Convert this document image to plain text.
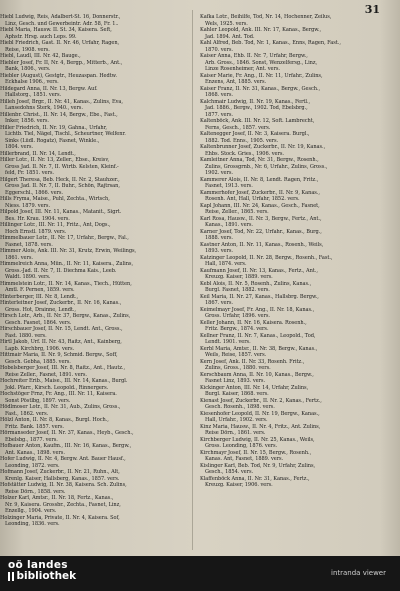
31
Hiebl Ludwig, Reis, Adalbert-St. 16, Donnerstr.,
Linz, Gesch. und Gewerbeintr. Adr. 58, Fr. 1..
Hiebl Maria, Hausw. II. St. 34, Kaisera. Seft,
Aphstr. Hrsg. auch Leps. 99.
Hiebl Friedrich, Gast. II. Nr. 46, Urfahr, Ragen,
Reise, 1908. vers.
Hiebl, Laudl, III. Nr. 42, Bauge.,
Hiebler Josef, Fr. II, Nr. 4, Bergp., Mitterb., Ant.,
Bank, 1806., vers.
Hiebler (August), Gestgtr., Heuzaspan. Hedtw.
Eckhalse 1906., vers.
Hildegard Anna, II. Nr. 13, Bergw. Auf.
Hallstorg., 1851. vers.
Hilleh Josef, Brgr., II. Nr. 41, Kanas., Zulins, Eva,
Lansedohns Sterk, 1940., vers.
Hillenbr. Christ., II. Nr. 14, Bergw., Ebe., Fast.,
Inker, 1856. vers.
Hiller Friedrich, II. Nr. 19, Gahna., Urfahr,
Lichtb. Tiel, Nägel, Tischl., Scheurtner, Welfenr.
Sinks (Lüdl. Rogatz), Fasnet, Winkle.,
1804. vers.
Hillerbrand, II. Nr. 14, Lendt.,
Hiller Lotr., II. Nr. 13, Zeller., Ebse., Kreisv,
Gross Jad. II. Nr. 7, II. Wirtb. Kelsten, Kleinf.-
feld, Fr. 1851. vers.
Hilgert Theresa, Beb. Heck, II. Nr. 2, Stauhzer.,
Gross Jad. II. Nr. 7, II. Buhr., Schön, Rajtrsan,
Eggerschl., 1866. vers.
Hills Fryma, Maise., Puhl, Zechta., Wirtsch,
Niess. 1879. vers.
Hilpold Josef, III. Nr. 11, Kanas., Matanit., Sigrt.
Bes. Hr. Krau. 1904. vers.
Hillinger Lotr., III. Nr. 11, Fritz., Ant, Dogs.,
Hoch Ernstl. 1879. vers.
Himmelbauer Lotr., II. Nr. 17, Urfahr., Bergw., Fal.,
Fasnet, 1878. vers.
Himmer Alois, Ank. III. Nr. 31, Krutz, Erwin, Weilings,
1861. vers.
Himmelreich Anna, Mün., II. Nr. 11, Kaisera., Zulins,
Gross.-Jad. II. Nr. 7, II. Diechma Kais., Leeb.
Waldt. 1890. vers.
Himmelstein Lotr., II. Nr. 14, Kanas., Tiech., Hütten,
Amtl. F. Pernen, 1859. vers.
Hinterberger, III. Nr. 8, Lendt.,
Hinterleitner Josef, Zuckerbr., II. Nr. 16, Kanas.,
Gross. Hot, Drainne, Lendt.,
Hirsch Lotr., Arb., II. Nr. 37, Bergw., Kanas., Zulins,
Gesch. Fasnet, 1864. vers.
Hirschbauer Josef, II. Nr. 15, Lendt. Ant., Gross.,
Fast. 1880. vers.
Hirtl Jakob, Urf. II. Nr. 43, Raitz, Ant., Kainberg,
Lapb. Kirchbrg, 1906. vers.
Hittmair Maria, II. Nr. 9, Schmid. Bergw., Soff,
Gesch. Gebha, 1885. vers.
Hobelsberger Josef, III. Nr. 8, Raitz., Ant., Hautz.,
Reise Zeller., Fasnet, 1891. vers.
Hochreiter Erib., Maise., III. Nr. 14, Kanas., Burgl.
Jokl. Pfarr., Kirsch. Leopold., Rinnergers.
Hochstöger Frnz, Fr. Ang., III. Nr. 11, Kaisera.
Sonst Pöstlbg, 1897. vers.
Hödlmoser Lotr., II. Nr. 31, Aub., Zulins, Gross.,
Fast., 1862. vers.
Hölzl Anton, II. Nr. 8, Kanas., Burgl. Hoch.,
Fritz. Bank. 1857. vers.
Hörmanseder Josef, II. Nr. 37, Kanas., Heyb., Gesch.,
Ebelsbg., 1877. vers.
Hofbauer Anton, Kaufm., III. Nr. 16, Kanas., Bergw.,
Ant. Kanas., 1898. vers.
Hofer Ludwig, II. Nr. 4, Bergw. Ant. Bauer Hausf.,
Leonding, 1872. vers.
Hofmann Josef, Zuckerbr., II. Nr. 21, Ruhn., Alt,
Krenlg. Kaiser, Hallsberg, Kanas., 1857. vers.
Hofstätter Ludwig, II. Nr. 38, Kaisera. Sch. Zulins,
Reise Dörn., 1858. vers.
Holzer Karl, Amtsr., II. Nr. 18, Fertz., Kanas.,
Nr. 9, Kaisera. Grossbr., Zechta., Fasnet, Linz,
Enzellg., 1904. vers.
Holzinger Maria, Private, II. Nr. 4, Kaisera. Sof,
Leonding, 1836. vers.
Kafka Lotr., Beihilfe, Tod, Nr. 14, Hochenner, Zeilus,
Wels, 1925. vers.
Kahler Leopold, Ank. III. Nr. 17, Kanas., Bergw.,
Jad. 1894. Ant. Tod.
Kahl Alfred, Beb. Tod, Nr. 1, Kanas., Enns, Ragen, Fast.,
1870. vers.
Kaiser Anna, Ehb. II. Nr. 7, Urfahr, Bergw.,
Arb. Gross., 1846. Sonst, Wenzelfersg., Linz,
Linze Rosenheimer, Ant. vers.
Kaiser Marie, Fr. Ang., II. Nr. 11, Urfahr., Zulins,
Enzens, Ant, 1885. vers.
Kaiser Franz, II. Nr. 31, Kanas., Bergw., Gesch.,
1868. vers.
Kalchmair Ludwig, II. Nr. 19, Kanas., Fertl.,
Jad. 1886., Bergw., 1902. Tod, Ebelsbrg.,
1877. vers.
Kaltenböck, Ank. III. Nr. 12, Soft. Lambrecht,
Ferns, Gesch., 1857. vers.
Kaltenegger Josef, II. Nr. 3, Kaisera. Burgl.,
1882. Tod. Enns., 1905. vers.
Kaltenbrunner Josef, Zuckerbr., II. Nr. 19, Kanas.,
Ehbs. Stock. Gries., 1906. vers.
Kamleitner Anna, Tod, Nr. 31, Bergw., Rosenh.,
Zulins, Grossgrnb., Nr. 6, Urfahr., Zulins, Gross.,
1902. vers.
Kammerer Alois, II. Nr. 8, Lendt. Ragen, Fritz.,
Fasnet, 1913. vers.
Kammerhofer Josef, Zuckerbr., II. Nr. 9, Kanas.,
Rosenh. Ant, Hall, Urfahr, 1852. vers.
Kapl Johann, III. Nr. 24, Kanas., Gesch., Fasnet,
Reise, Zeller., 1865. vers.
Karl Rosa, Hausw., II. Nr. 3, Bergw., Fertz., Ant.,
Kanas., 1891. vers.
Karner Josef, Tod, Nr. 22, Urfahr., Kanas., Burg.,
1888. vers.
Kastner Anton, II. Nr. 11, Kanas., Rosenh., Weils,
1893. vers.
Katzinger Leopold, II. Nr. 28, Bergw., Rosenh., Fast.,
Hall, 1874. vers.
Kaufmann Josef, II. Nr. 13, Kanas., Fertz., Ant.,
Kreuzg. Kaiser, 1889. vers.
Kebl Alois, II. Nr. 5, Rosenh., Zulins, Kanas.,
Burgl. Fasnet, 1882. vers.
Keil Maria, II. Nr. 27, Kanas., Hallsbrg. Bergw.,
1867. vers.
Keimelmayr Josef, Fr. Ang., II. Nr. 18, Kanas.,
Gross. Urfahr, 1896. vers.
Keller Johann, II. Nr. 16, Kaisera. Rosenh.,
Fritz. Bergw., 1874. vers.
Kellner Franz, II. Nr. 7, Kanas., Leopold., Tod,
Lendt. 1901. vers.
Kerbl Maria, Amtsr., II. Nr. 38, Bergw., Kanas.,
Weils, Reise, 1857. vers.
Kern Josef, Ank. II. Nr. 33, Rosenh. Fritz.,
Zulins, Gross., 1880. vers.
Kerschbaum Anna, II. Nr. 10, Kanas., Bergw.,
Fasnet Linz, 1893. vers.
Kickinger Anton, III. Nr. 14, Urfahr, Zulins,
Burgl. Kaiser, 1868. vers.
Kienast Josef, Zuckerbr., II. Nr. 2, Kanas., Fertz.,
Gesch. Rosenh., 1898. vers.
Kiesenhofer Leopold, II. Nr. 19, Bergw., Kanas.,
Hall, Urfahr., 1902. vers.
Kinz Maria, Hausw., II. Nr. 4, Fritz., Ant. Zulins,
Reise Dörn., 1861. vers.
Kirchberger Ludwig, II. Nr. 25, Kanas., Weils,
Gross. Leonding, 1876. vers.
Kirchmayr Josef, II. Nr. 15, Bergw., Rosenh.,
Kanas. Ant, Fasnet, 1889. vers.
Kislinger Karl, Beb. Tod, Nr. 9, Urfahr, Zulins,
Gesch., 1854. vers.
Klaffenböck Anna, II. Nr. 31, Kanas., Fertz.,
Kreuzg. Kaiser, 1906. vers.
oö landes
bibliothek	intranda viewer
